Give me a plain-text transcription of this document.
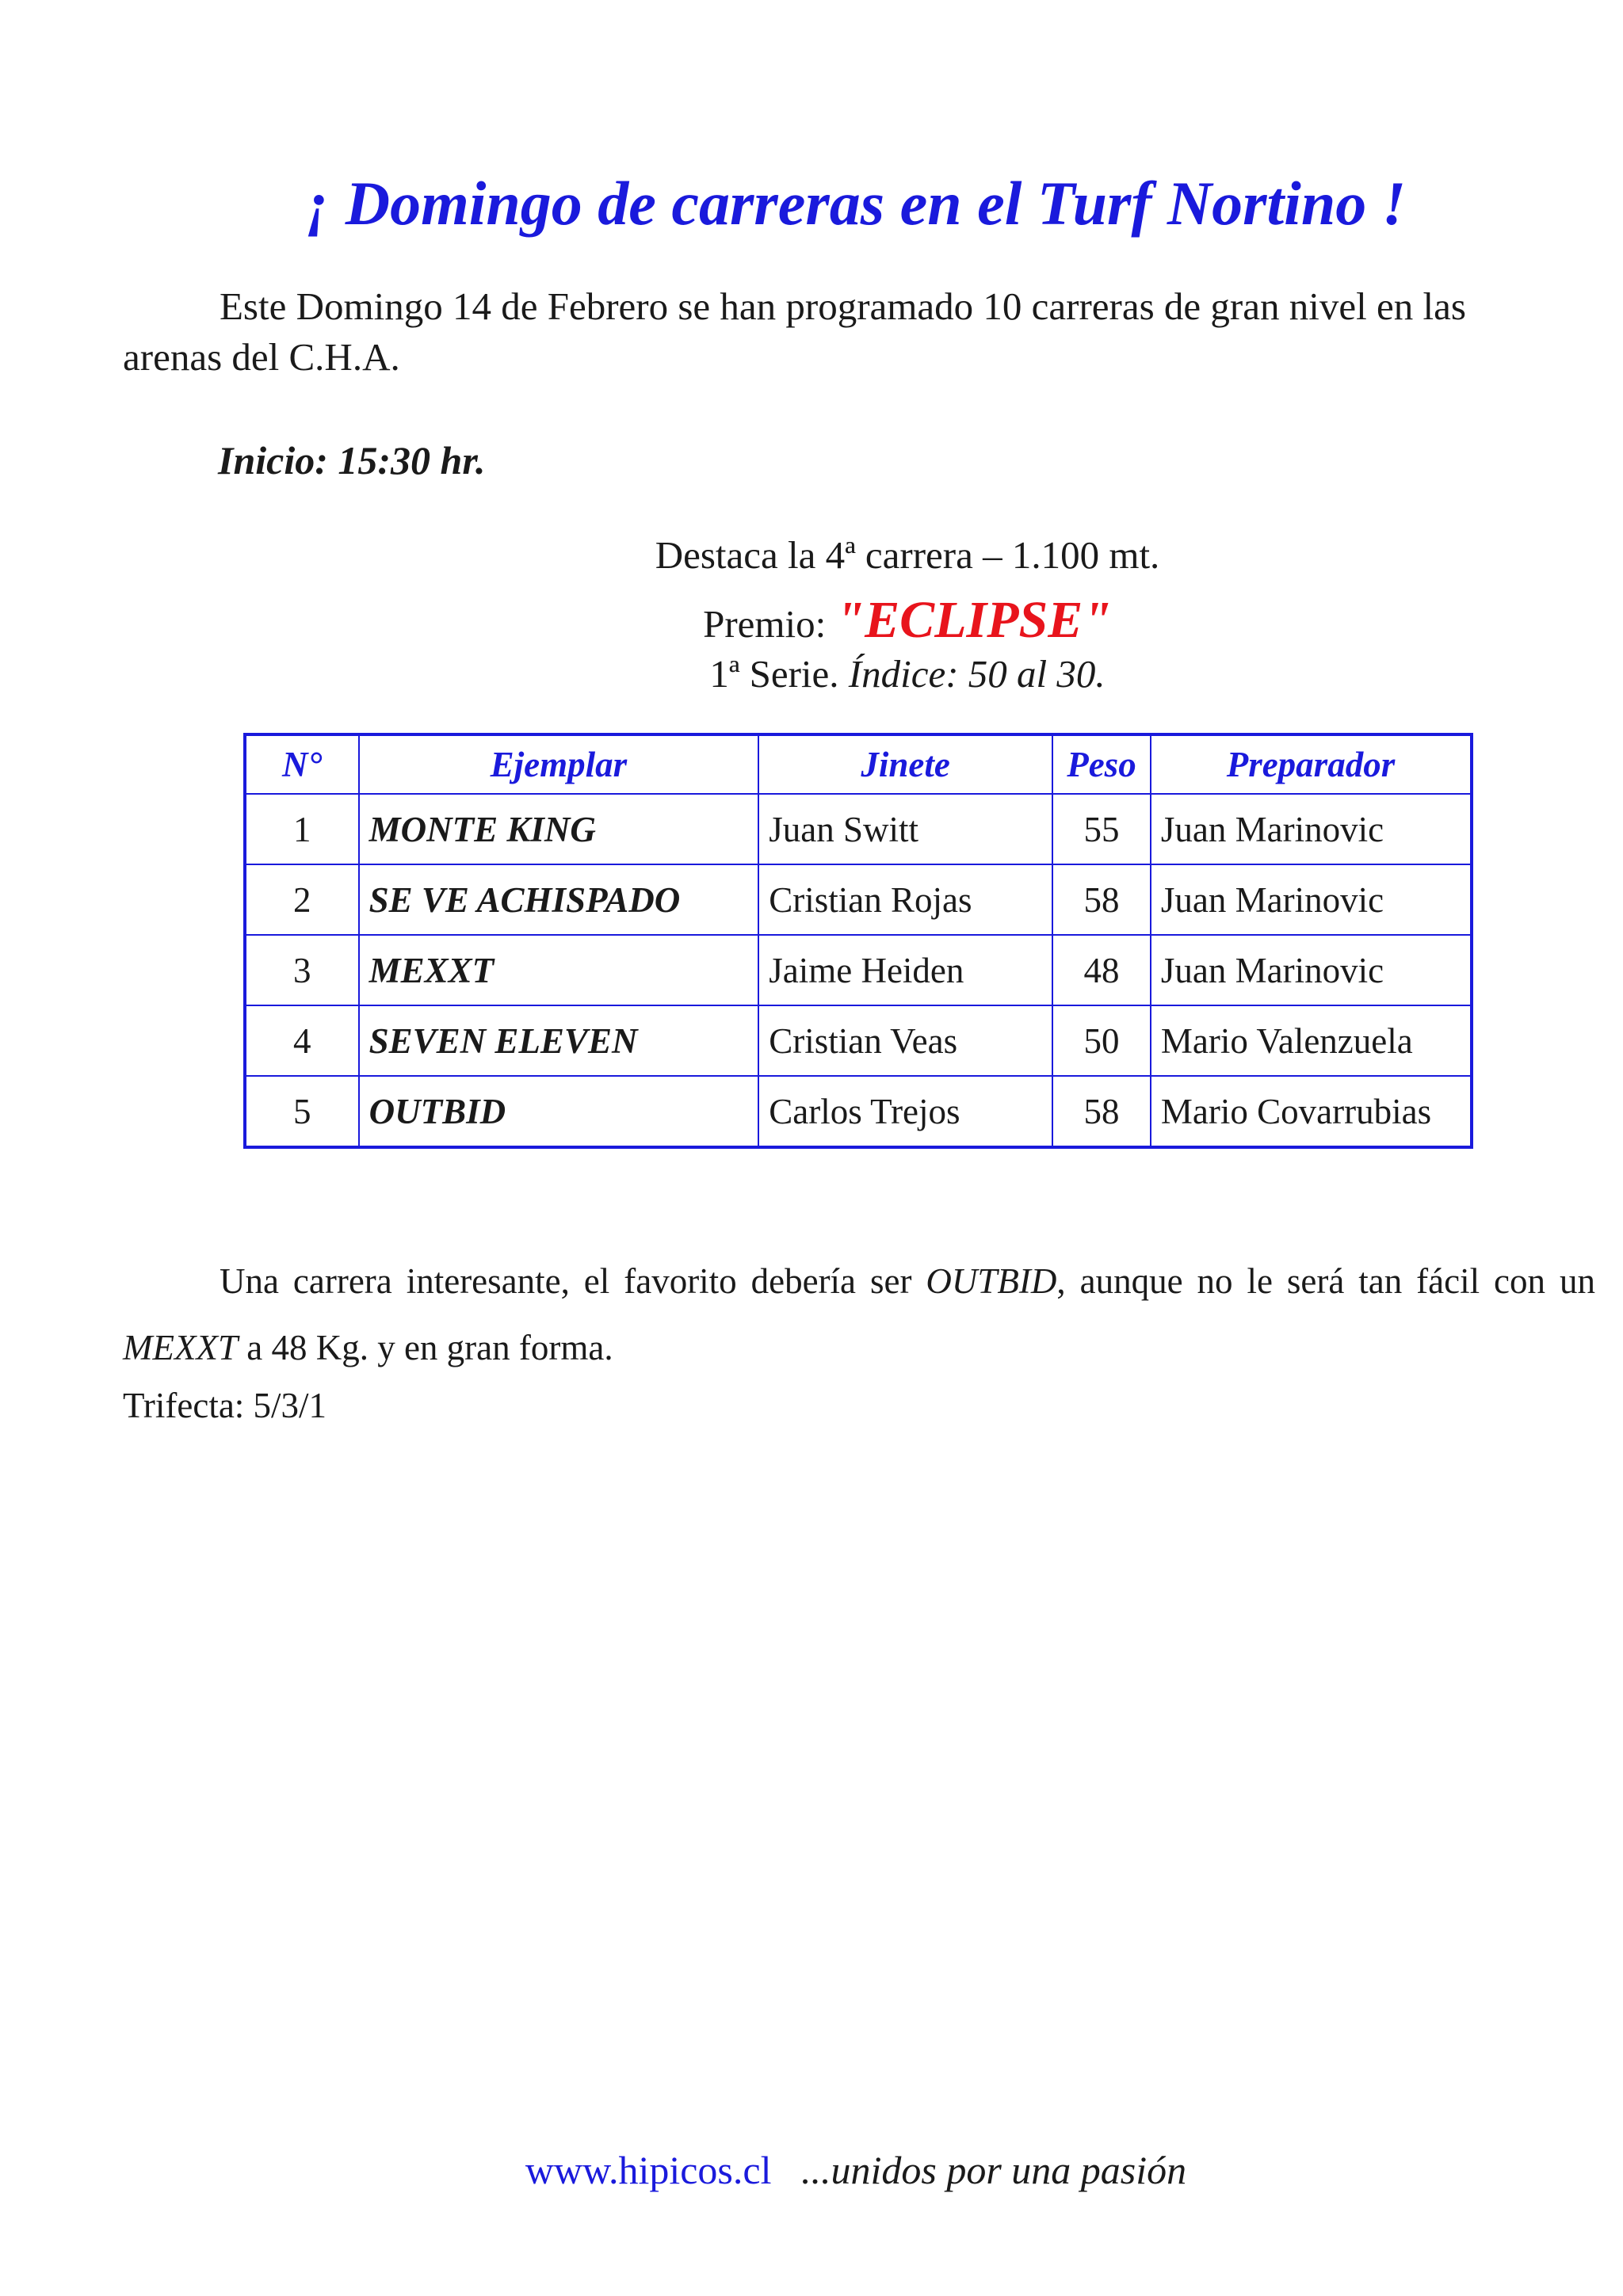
¡ Domingo de carreras en el Turf Nortino !

Este Domingo 14 de Febrero se han programado 10 carreras de gran nivel en las arenas del C.H.A.

Inicio: 15:30 hr.

Destaca la 4ª carrera – 1.100 mt.

Premio: "ECLIPSE"

1ª Serie. Índice: 50 al 30.

N°	Ejemplar	Jinete	Peso	Preparador
1	MONTE KING	Juan Switt	55	Juan Marinovic
2	SE VE ACHISPADO	Cristian Rojas	58	Juan Marinovic
3	MEXXT	Jaime Heiden	48	Juan Marinovic
4	SEVEN ELEVEN	Cristian Veas	50	Mario Valenzuela
5	OUTBID	Carlos Trejos	58	Mario Covarrubias

Una carrera interesante, el favorito debería ser OUTBID, aunque no le será tan fácil con un MEXXT a 48 Kg. y en gran forma.

Trifecta: 5/3/1

www.hipicos.cl ...unidos por una pasión
